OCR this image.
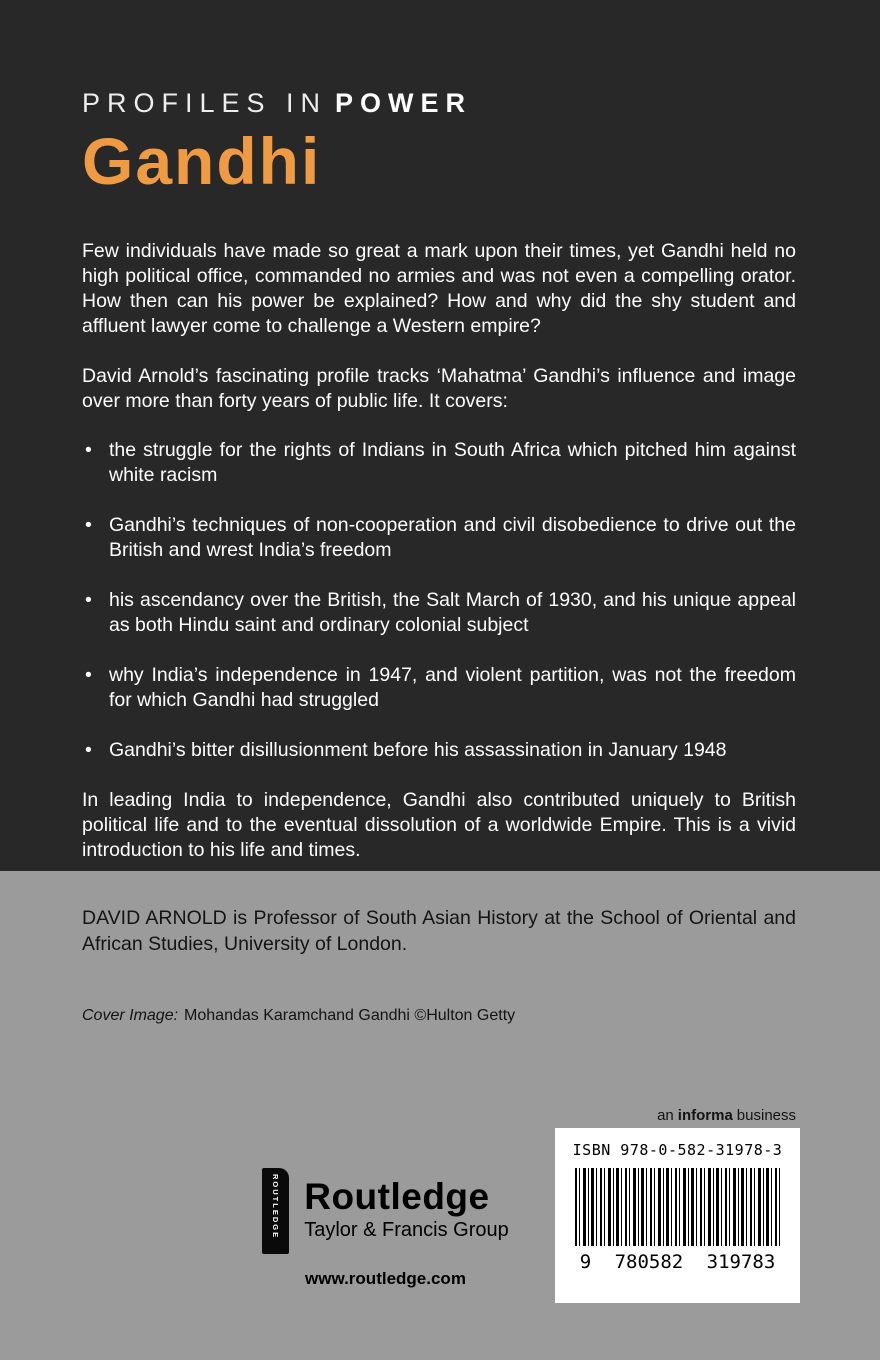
PROFILES IN POWER
Gandhi

Few individuals have made so great a mark upon their times, yet Gandhi held no high political office, commanded no armies and was not even a compelling orator. How then can his power be explained? How and why did the shy student and affluent lawyer come to challenge a Western empire?

David Arnold’s fascinating profile tracks ‘Mahatma’ Gandhi’s influence and image over more than forty years of public life. It covers:

• the struggle for the rights of Indians in South Africa which pitched him against white racism
• Gandhi’s techniques of non-cooperation and civil disobedience to drive out the British and wrest India’s freedom
• his ascendancy over the British, the Salt March of 1930, and his unique appeal as both Hindu saint and ordinary colonial subject
• why India’s independence in 1947, and violent partition, was not the freedom for which Gandhi had struggled
• Gandhi’s bitter disillusionment before his assassination in January 1948

In leading India to independence, Gandhi also contributed uniquely to British political life and to the eventual dissolution of a worldwide Empire. This is a vivid introduction to his life and times.

DAVID ARNOLD is Professor of South Asian History at the School of Oriental and African Studies, University of London.

Cover Image: Mohandas Karamchand Gandhi ©Hulton Getty

an informa business

ROUTLEDGE Routledge
Taylor & Francis Group
www.routledge.com
ISBN 978-0-582-31978-3
9 780582 319783
